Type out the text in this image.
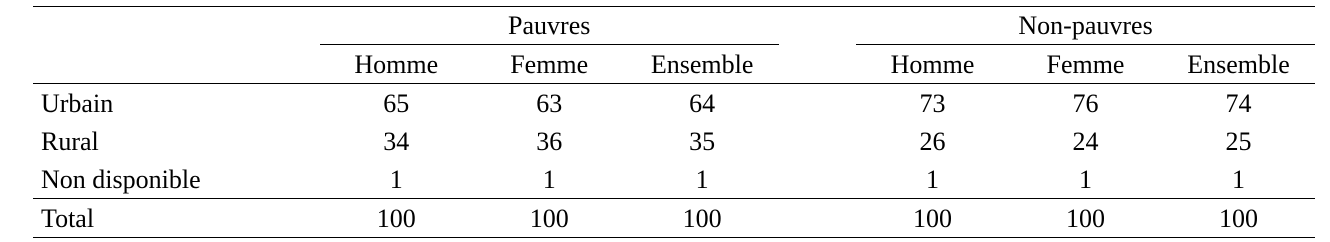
	Pauvres				Non-pauvres		
	Homme	Femme	Ensemble		Homme	Femme	Ensemble
Urbain	65	63	64		73	76	74
Rural	34	36	35		26	24	25
Non disponible	1	1	1		1	1	1
Total	100	100	100		100	100	100
